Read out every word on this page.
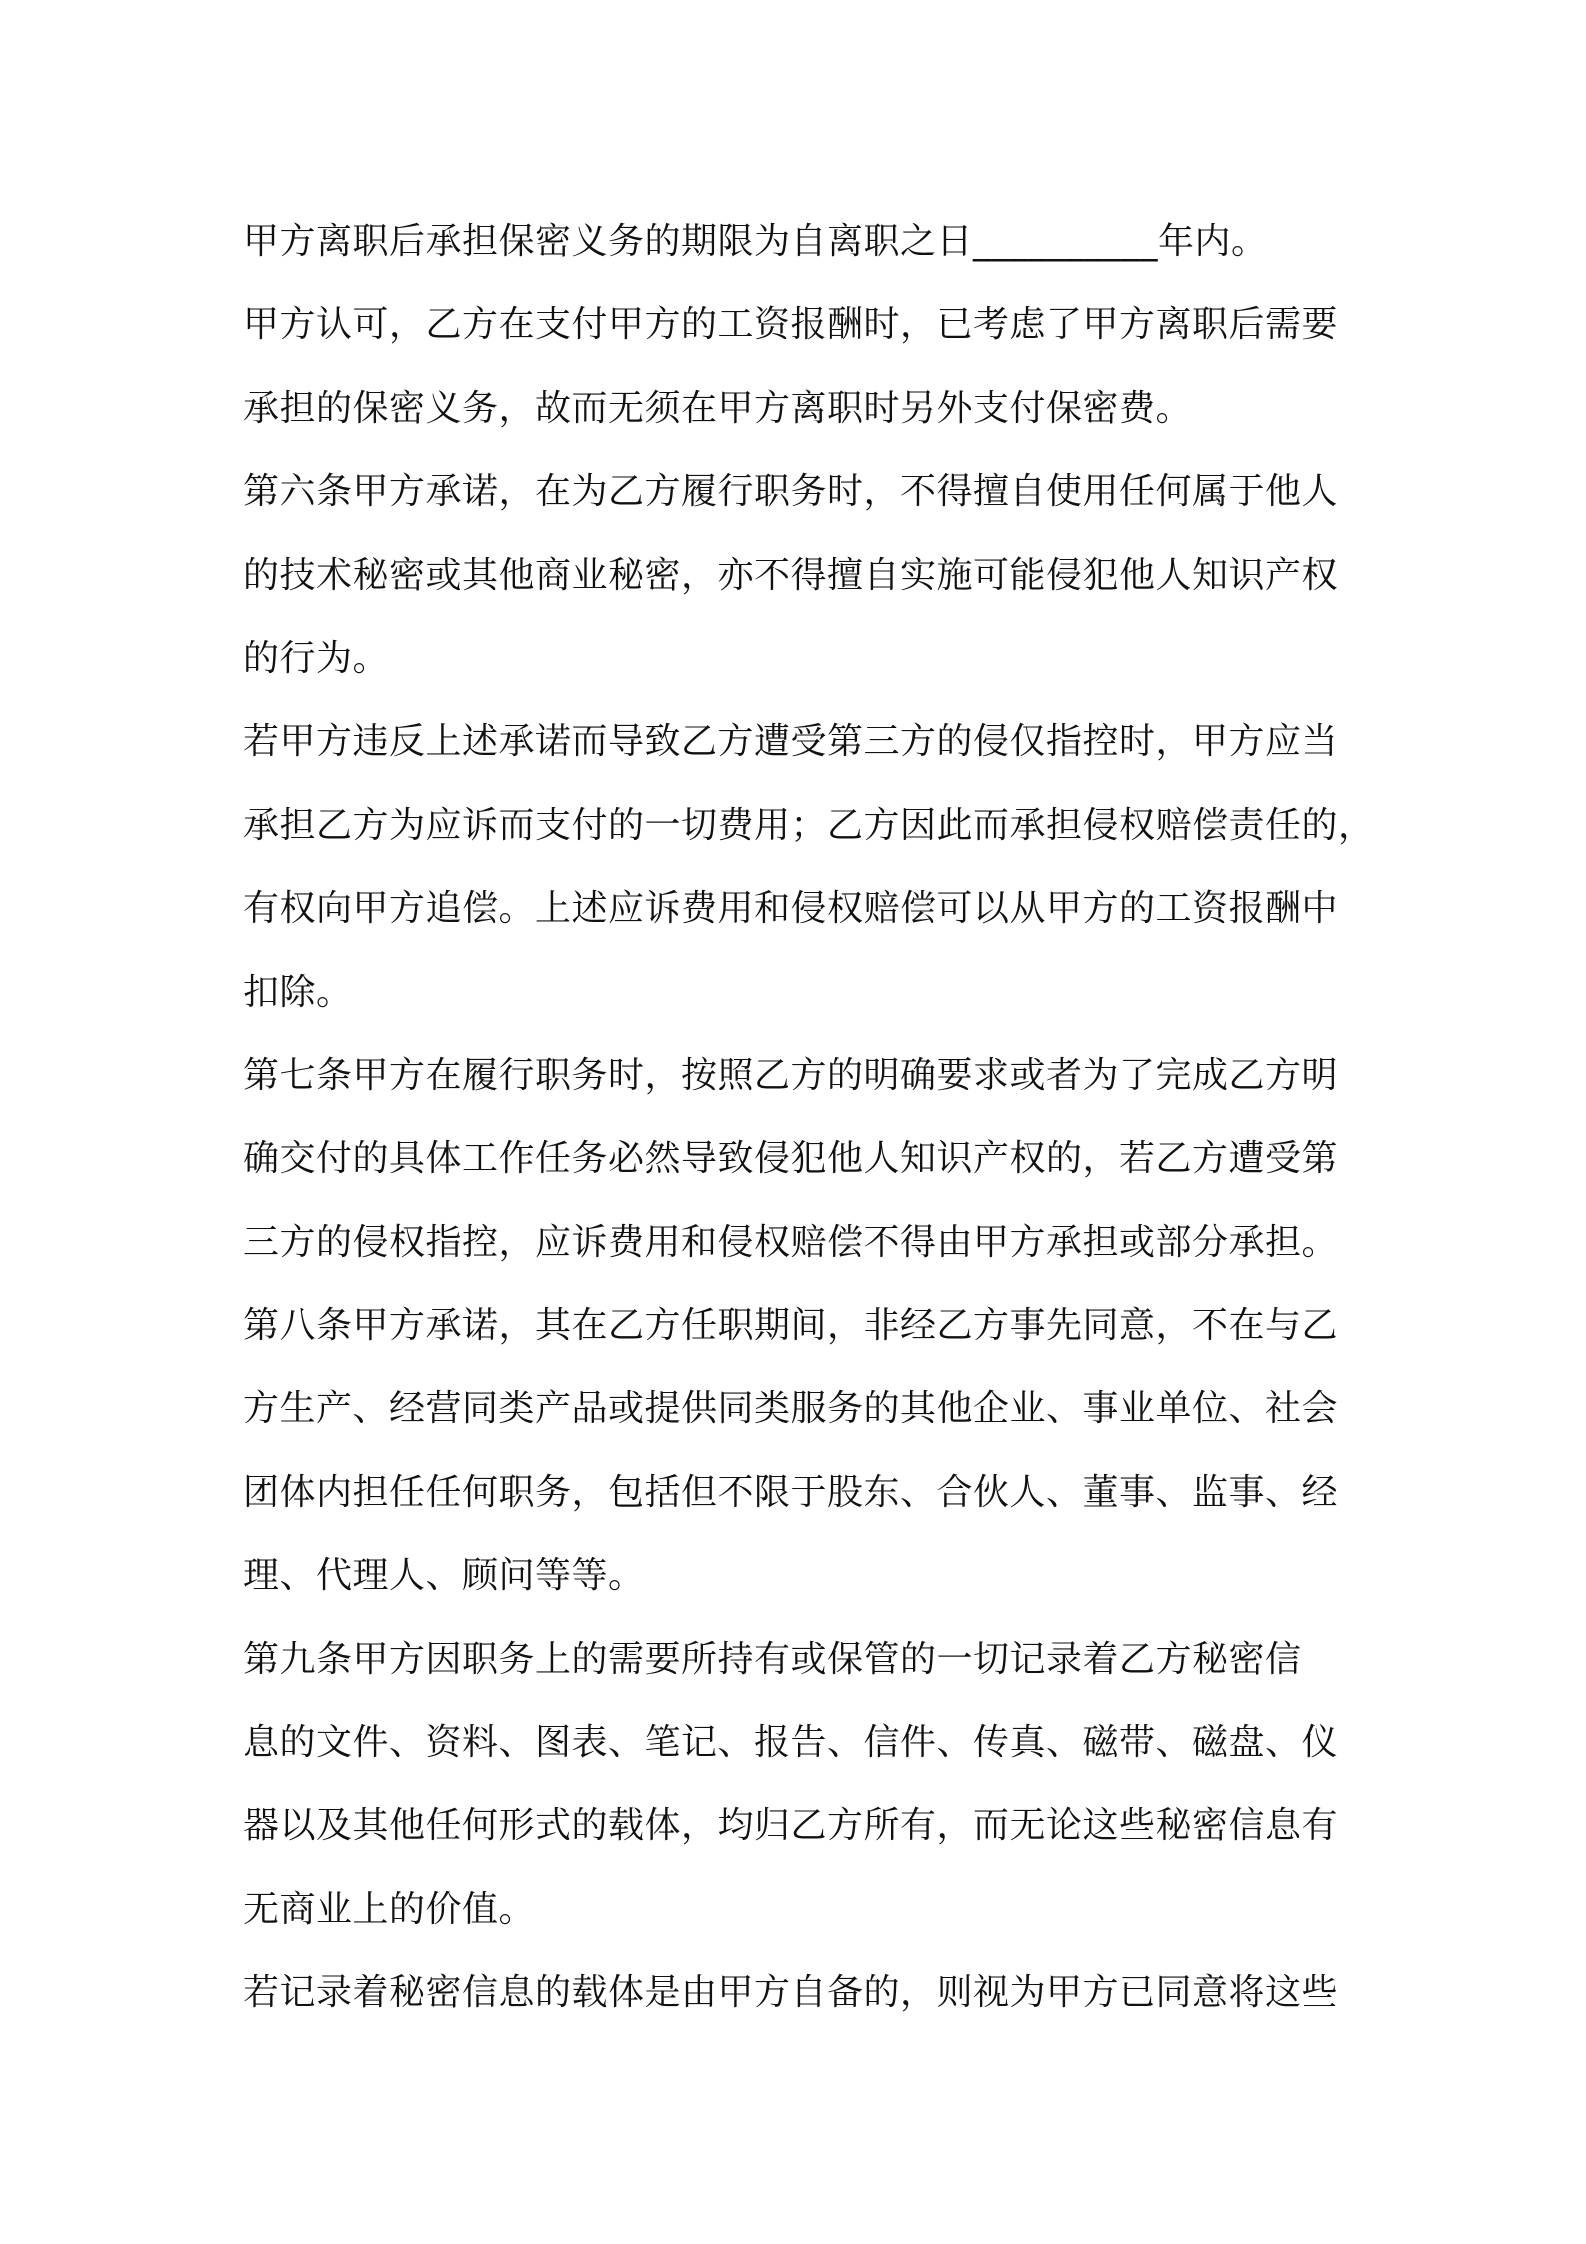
甲方离职后承担保密义务的期限为自离职之日__________年内。
甲方认可，乙方在支付甲方的工资报酬时，已考虑了甲方离职后需要
承担的保密义务，故而无须在甲方离职时另外支付保密费。
第六条甲方承诺，在为乙方履行职务时，不得擅自使用任何属于他人
的技术秘密或其他商业秘密，亦不得擅自实施可能侵犯他人知识产权
的行为。
若甲方违反上述承诺而导致乙方遭受第三方的侵仅指控时，甲方应当
承担乙方为应诉而支付的一切费用；乙方因此而承担侵权赔偿责任的，
有权向甲方追偿。上述应诉费用和侵权赔偿可以从甲方的工资报酬中
扣除。
第七条甲方在履行职务时，按照乙方的明确要求或者为了完成乙方明
确交付的具体工作任务必然导致侵犯他人知识产权的，若乙方遭受第
三方的侵权指控，应诉费用和侵权赔偿不得由甲方承担或部分承担。
第八条甲方承诺，其在乙方任职期间，非经乙方事先同意，不在与乙
方生产、经营同类产品或提供同类服务的其他企业、事业单位、社会
团体内担任任何职务，包括但不限于股东、合伙人、董事、监事、经
理、代理人、顾问等等。
第九条甲方因职务上的需要所持有或保管的一切记录着乙方秘密信
息的文件、资料、图表、笔记、报告、信件、传真、磁带、磁盘、仪
器以及其他任何形式的载体，均归乙方所有，而无论这些秘密信息有
无商业上的价值。
若记录着秘密信息的载体是由甲方自备的，则视为甲方已同意将这些
